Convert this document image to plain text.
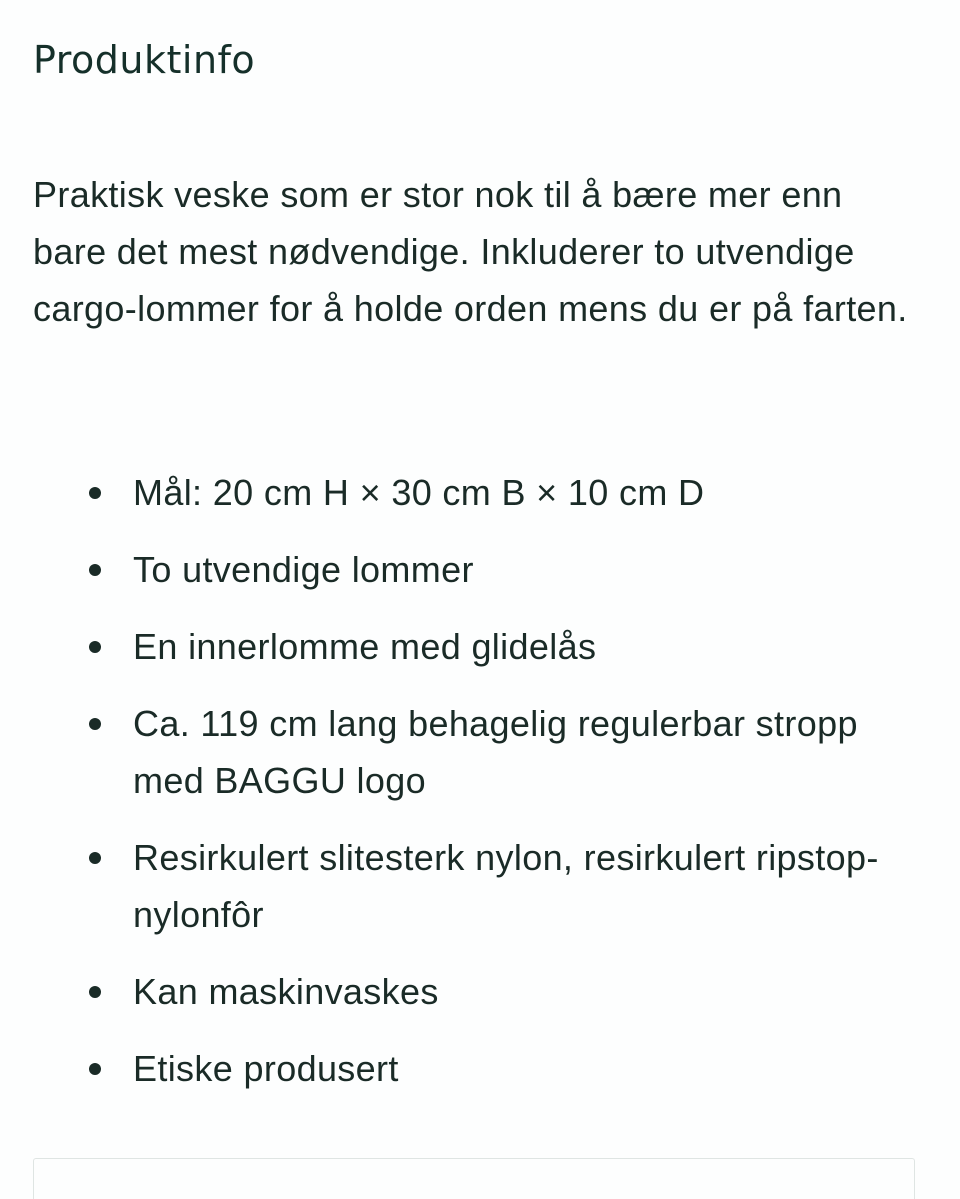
Produktinfo

Praktisk veske som er stor nok til å bære mer enn bare det mest nødvendige. Inkluderer to utvendige cargo-lommer for å holde orden mens du er på farten.

Mål: 20 cm H × 30 cm B × 10 cm D
To utvendige lommer
En innerlomme med glidelås
Ca. 119 cm lang behagelig regulerbar stropp med BAGGU logo
Resirkulert slitesterk nylon, resirkulert ripstop-nylonfôr
Kan maskinvaskes
Etiske produsert
